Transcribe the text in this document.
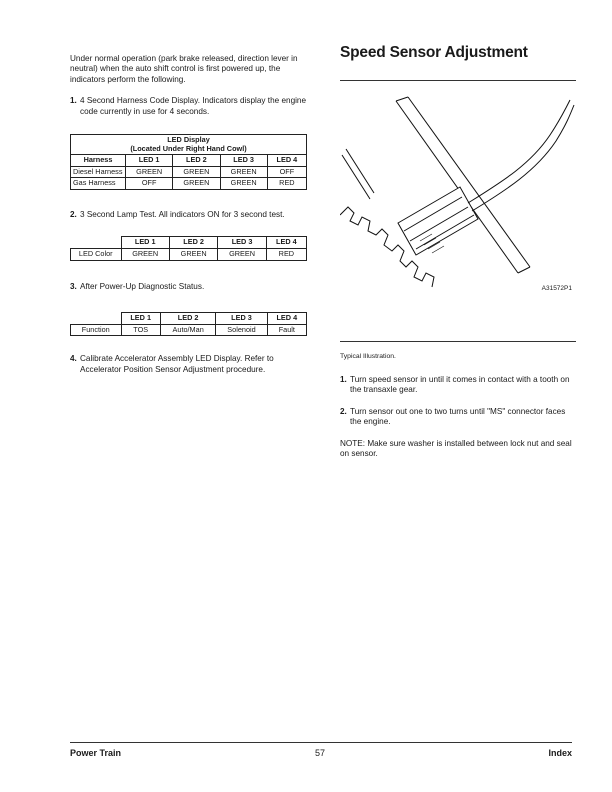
Under normal operation (park brake released, direction lever in neutral) when the auto shift control is first powered up, the indicators perform the following.

1. 4 Second Harness Code Display. Indicators display the engine code currently in use for 4 seconds.

LED Display
(Located Under Right Hand Cowl)				

Harness	LED 1	LED 2	LED 3	LED 4
Diesel Harness	GREEN	GREEN	GREEN	OFF
Gas Harness	OFF	GREEN	GREEN	RED
2. 3 Second Lamp Test. All indicators ON for 3 second test.

	LED 1	LED 2	LED 3	LED 4
LED Color	GREEN	GREEN	GREEN	RED
3. After Power-Up Diagnostic Status.

	LED 1	LED 2	LED 3	LED 4
Function	TOS	Auto/Man	Solenoid	Fault
4. Calibrate Accelerator Assembly LED Display. Refer to Accelerator Position Sensor Adjustment procedure.

Speed Sensor Adjustment
A31572P1

Typical Illustration.

1. Turn speed sensor in until it comes in contact with a tooth on the transaxle gear.

2. Turn sensor out one to two turns until "MS" connector faces the engine.

NOTE: Make sure washer is installed between lock nut and seal on sensor.

Power Train	57	Index
